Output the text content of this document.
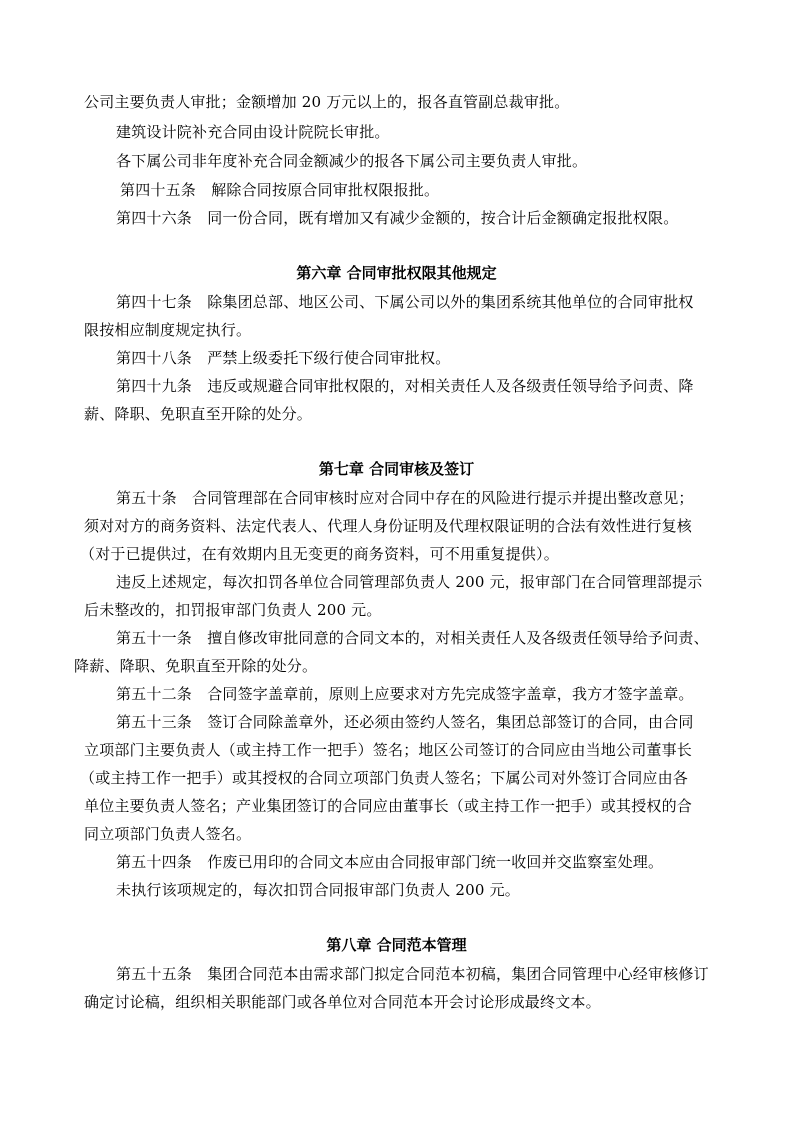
公司主要负责人审批；金额增加 20 万元以上的，报各直管副总裁审批。
建筑设计院补充合同由设计院院长审批。
各下属公司非年度补充合同金额减少的报各下属公司主要负责人审批。
第四十五条　解除合同按原合同审批权限报批。
第四十六条　同一份合同，既有增加又有减少金额的，按合计后金额确定报批权限。
第六章 合同审批权限其他规定
第四十七条　除集团总部、地区公司、下属公司以外的集团系统其他单位的合同审批权
限按相应制度规定执行。
第四十八条　严禁上级委托下级行使合同审批权。
第四十九条　违反或规避合同审批权限的，对相关责任人及各级责任领导给予问责、降
薪、降职、免职直至开除的处分。
第七章 合同审核及签订
第五十条　合同管理部在合同审核时应对合同中存在的风险进行提示并提出整改意见；
须对对方的商务资料、法定代表人、代理人身份证明及代理权限证明的合法有效性进行复核
（对于已提供过，在有效期内且无变更的商务资料，可不用重复提供）。
违反上述规定，每次扣罚各单位合同管理部负责人 200 元，报审部门在合同管理部提示
后未整改的，扣罚报审部门负责人 200 元。
第五十一条　擅自修改审批同意的合同文本的，对相关责任人及各级责任领导给予问责、
降薪、降职、免职直至开除的处分。
第五十二条　合同签字盖章前，原则上应要求对方先完成签字盖章，我方才签字盖章。
第五十三条　签订合同除盖章外，还必须由签约人签名，集团总部签订的合同，由合同
立项部门主要负责人（或主持工作一把手）签名；地区公司签订的合同应由当地公司董事长
（或主持工作一把手）或其授权的合同立项部门负责人签名；下属公司对外签订合同应由各
单位主要负责人签名；产业集团签订的合同应由董事长（或主持工作一把手）或其授权的合
同立项部门负责人签名。
第五十四条　作废已用印的合同文本应由合同报审部门统一收回并交监察室处理。
未执行该项规定的，每次扣罚合同报审部门负责人 200 元。
第八章 合同范本管理
第五十五条　集团合同范本由需求部门拟定合同范本初稿，集团合同管理中心经审核修订
确定讨论稿，组织相关职能部门或各单位对合同范本开会讨论形成最终文本。
